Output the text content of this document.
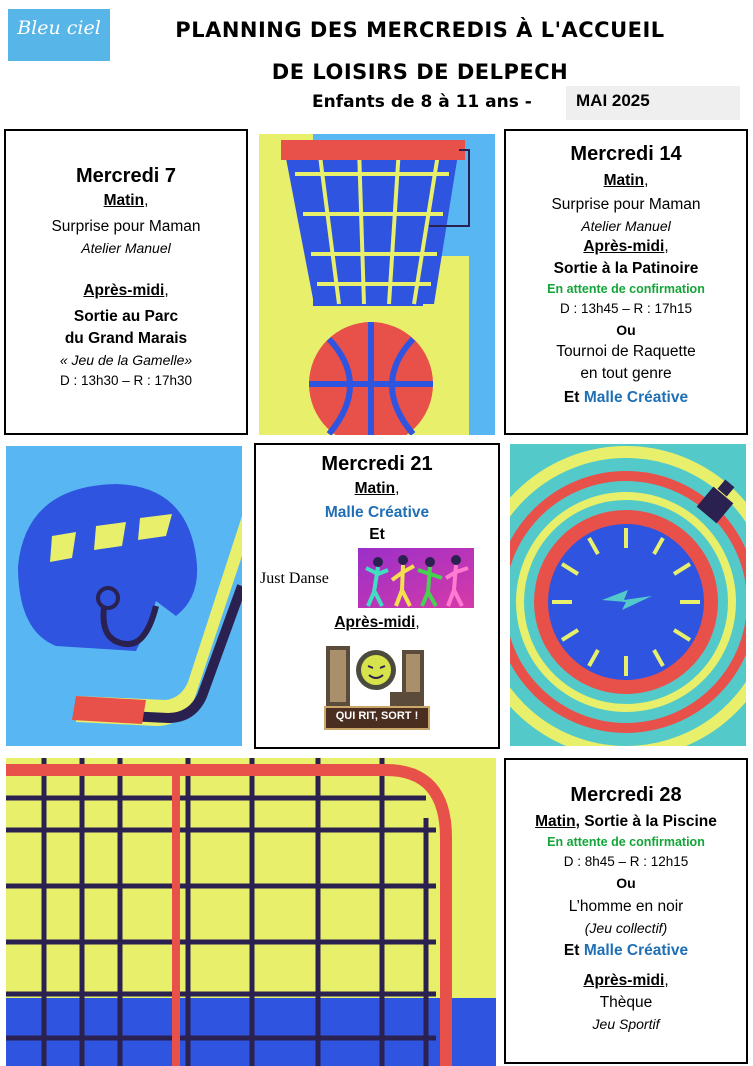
Bleu ciel	PLANNING DES MERCREDIS À L'ACCUEIL
DE LOISIRS DE DELPECH
Enfants de 8 à 11 ans -	MAI 2025

Mercredi 7

Matin,

Surprise pour Maman

Atelier Manuel

Après-midi,

Sortie au Parc

du Grand Marais

« Jeu de la Gamelle»

D : 13h30 – R : 17h30

Mercredi 14

Matin,

Surprise pour Maman

Atelier Manuel

Après-midi,

Sortie à la Patinoire

En attente de confirmation

D : 13h45 – R : 17h15

Ou

Tournoi de Raquette

en tout genre

Et Malle Créative

Mercredi 21

Matin,

Malle Créative

Et

Just Danse

Après-midi,

QUI RIT, SORT !

Mercredi 28

Matin, Sortie à la Piscine

En attente de confirmation

D : 8h45 – R : 12h15

Ou

L’homme en noir

(Jeu collectif)

Et Malle Créative

Après-midi,

Thèque

Jeu Sportif
